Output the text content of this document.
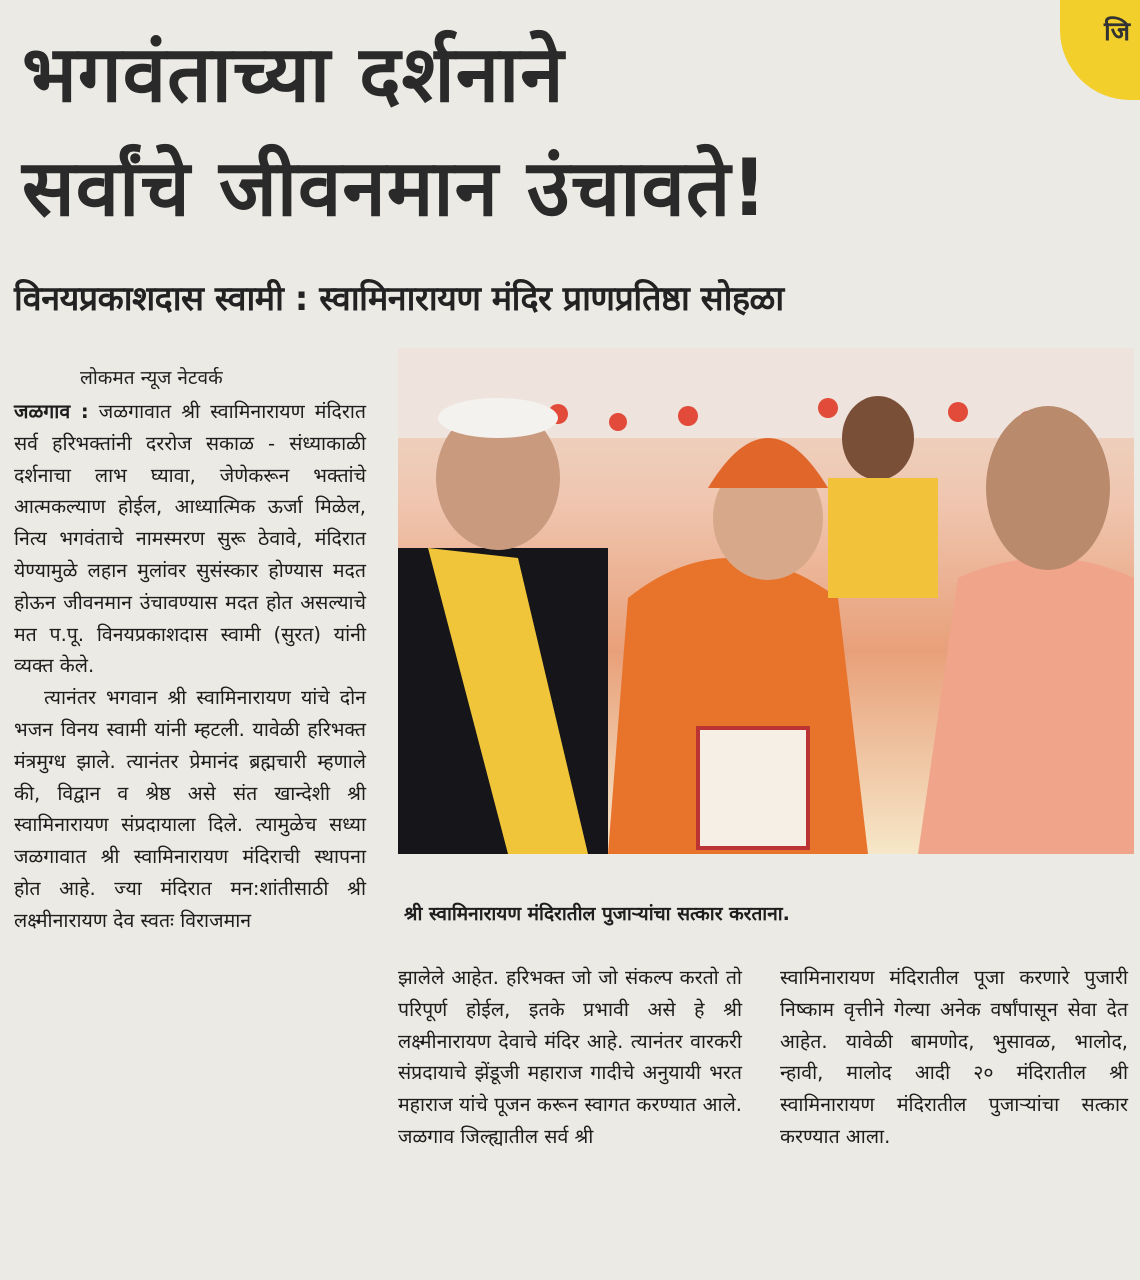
जि
भगवंताच्या दर्शनाने
सर्वांचे जीवनमान उंचावते!
विनयप्रकाशदास स्वामी : स्वामिनारायण मंदिर प्राणप्रतिष्ठा सोहळा
लोकमत न्यूज नेटवर्क

जळगाव : जळगावात श्री स्वामिनारायण मंदिरात सर्व हरिभक्तांनी दररोज सकाळ - संध्याकाळी दर्शनाचा लाभ घ्यावा, जेणेकरून भक्तांचे आत्मकल्याण होईल, आध्यात्मिक ऊर्जा मिळेल, नित्य भगवंताचे नामस्मरण सुरू ठेवावे, मंदिरात येण्यामुळे लहान मुलांवर सुसंस्कार होण्यास मदत होऊन जीवनमान उंचावण्यास मदत होत असल्याचे मत प.पू. विनयप्रकाशदास स्वामी (सुरत) यांनी व्यक्त केले.

त्यानंतर भगवान श्री स्वामिनारायण यांचे दोन भजन विनय स्वामी यांनी म्हटली. यावेळी हरिभक्त मंत्रमुग्ध झाले. त्यानंतर प्रेमानंद ब्रह्मचारी म्हणाले की, विद्वान व श्रेष्ठ असे संत खान्देशी श्री स्वामिनारायण संप्रदायाला दिले. त्यामुळेच सध्या जळगावात श्री स्वामिनारायण मंदिराची स्थापना होत आहे. ज्या मंदिरात मन:शांतीसाठी श्री लक्ष्मीनारायण देव स्वतः विराजमान	श्री स्वामिनारायण मंदिरातील पुजाऱ्यांचा सत्कार करताना.

झालेले आहेत. हरिभक्त जो जो संकल्प करतो तो परिपूर्ण होईल, इतके प्रभावी असे हे श्री लक्ष्मीनारायण देवाचे मंदिर आहे. त्यानंतर वारकरी संप्रदायाचे झेंडूजी महाराज गादीचे अनुयायी भरत महाराज यांचे पूजन करून स्वागत करण्यात आले. जळगाव जिल्ह्यातील सर्व श्री

स्वामिनारायण मंदिरातील पूजा करणारे पुजारी निष्काम वृत्तीने गेल्या अनेक वर्षांपासून सेवा देत आहेत. यावेळी बामणोद, भुसावळ, भालोद, न्हावी, मालोद आदी २० मंदिरातील श्री स्वामिनारायण मंदिरातील पुजाऱ्यांचा सत्कार करण्यात आला.
